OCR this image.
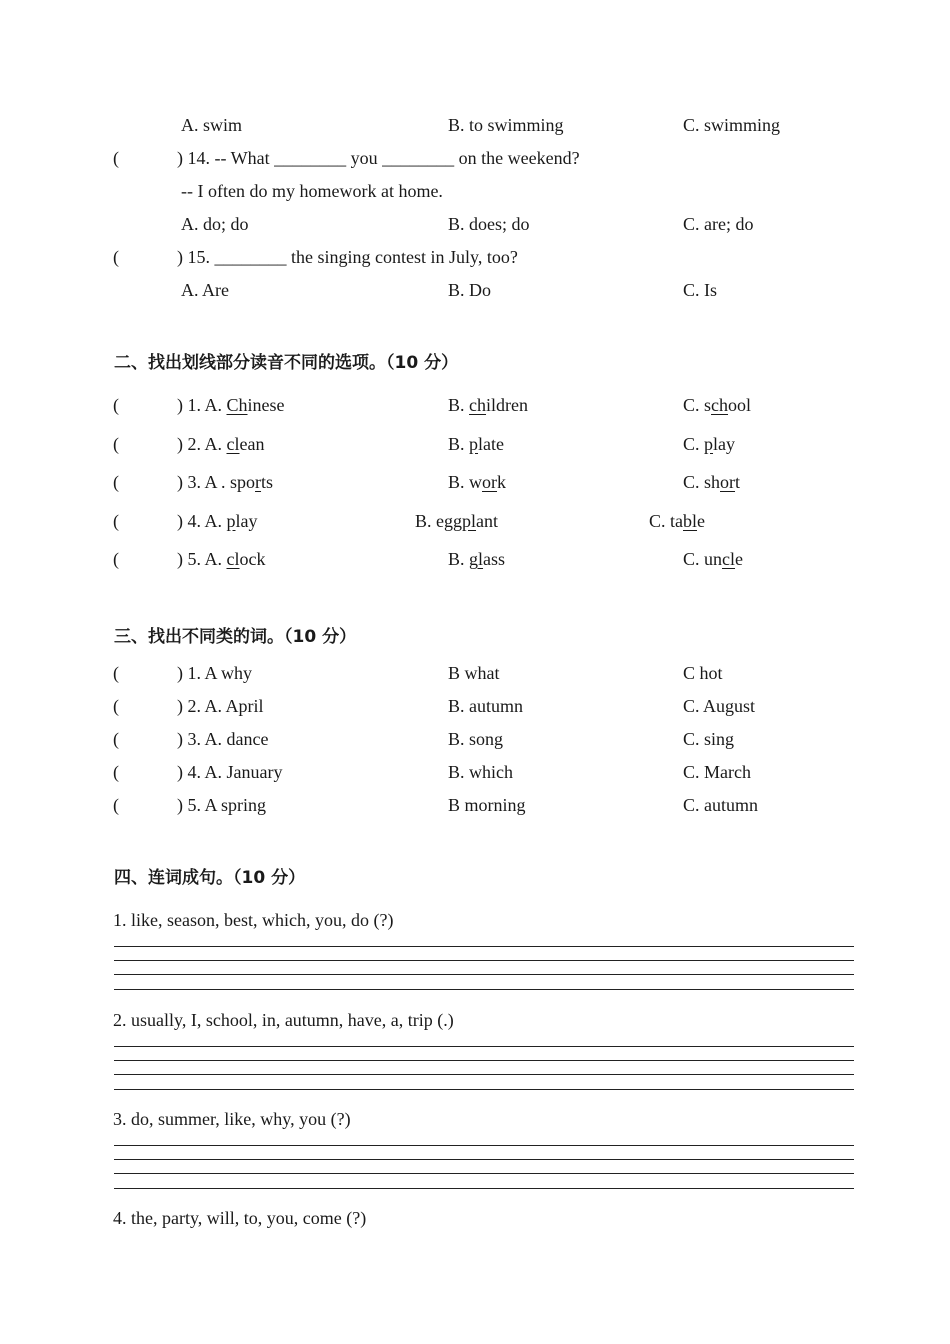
A. swim	B. to swimming	C. swimming
(	) 14. -- What ________ you ________ on the weekend?
-- I often do my homework at home.
A. do; do	B. does; do	C. are; do
(	) 15. ________ the singing contest in July, too?
A. Are	B. Do	C. Is
二、找出划线部分读音不同的选项。（10 分）
(	) 1. A. Chinese	B. children	C. school
(	) 2. A. clean	B. plate	C. play
(	) 3. A . sports	B. work	C. short
(	) 4. A. play	B. eggplant	C. table
(	) 5. A. clock	B. glass	C. uncle
三、找出不同类的词。（10 分）
(	) 1. A why	B what	C hot
(	) 2. A. April	B. autumn	C. August
(	) 3. A. dance	B. song	C. sing
(	) 4. A. January	B. which	C. March
(	) 5. A spring	B morning	C. autumn
四、连词成句。（10 分）
1. like, season, best, which, you, do (?)
2. usually, I, school, in, autumn, have, a, trip (.)
3. do, summer, like, why, you (?)
4. the, party, will, to, you, come (?)
